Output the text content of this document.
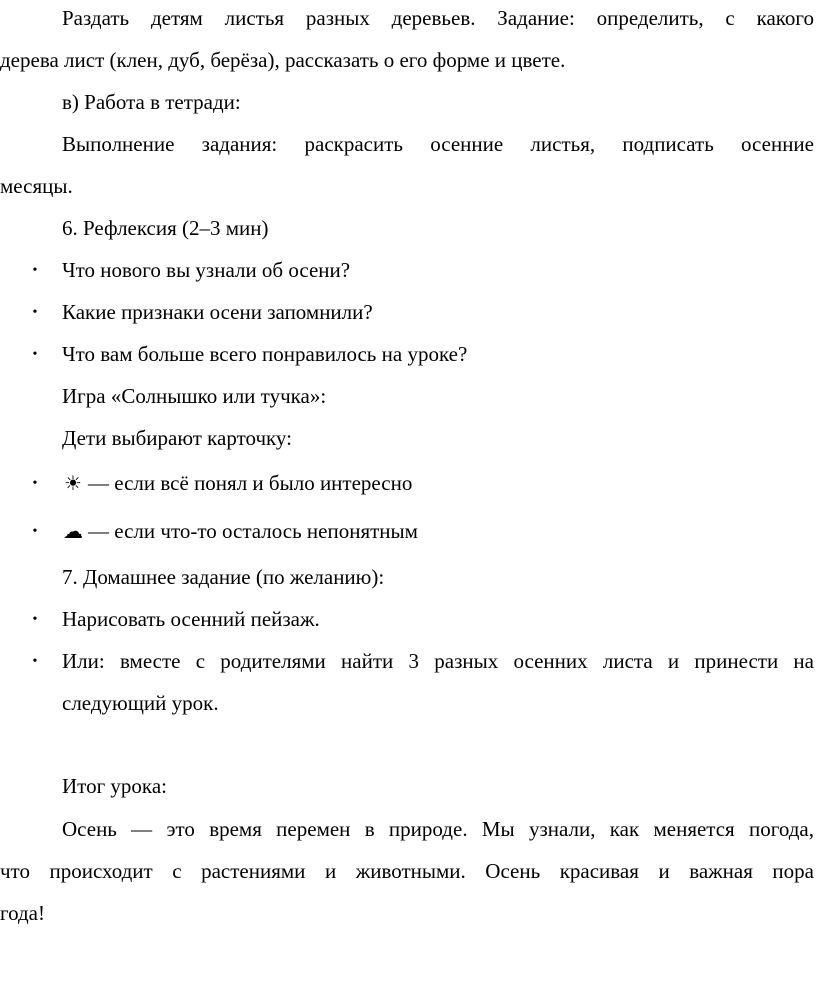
Раздать детям листья разных деревьев. Задание: определить, с какого
дерева лист (клен, дуб, берёза), рассказать о его форме и цвете.
в) Работа в тетради:
Выполнение задания: раскрасить осенние листья, подписать осенние
месяцы.
6. Рефлексия (2–3 мин)
• Что нового вы узнали об осени?
• Какие признаки осени запомнили?
• Что вам больше всего понравилось на уроке?
Игра «Солнышко или тучка»:
Дети выбирают карточку:
• ☀ — если всё понял и было интересно
• ☁ — если что-то осталось непонятным
7. Домашнее задание (по желанию):
• Нарисовать осенний пейзаж.
• Или: вместе с родителями найти 3 разных осенних листа и принести на
следующий урок.
Итог урока:
Осень — это время перемен в природе. Мы узнали, как меняется погода,
что происходит с растениями и животными. Осень красивая и важная пора
года!
